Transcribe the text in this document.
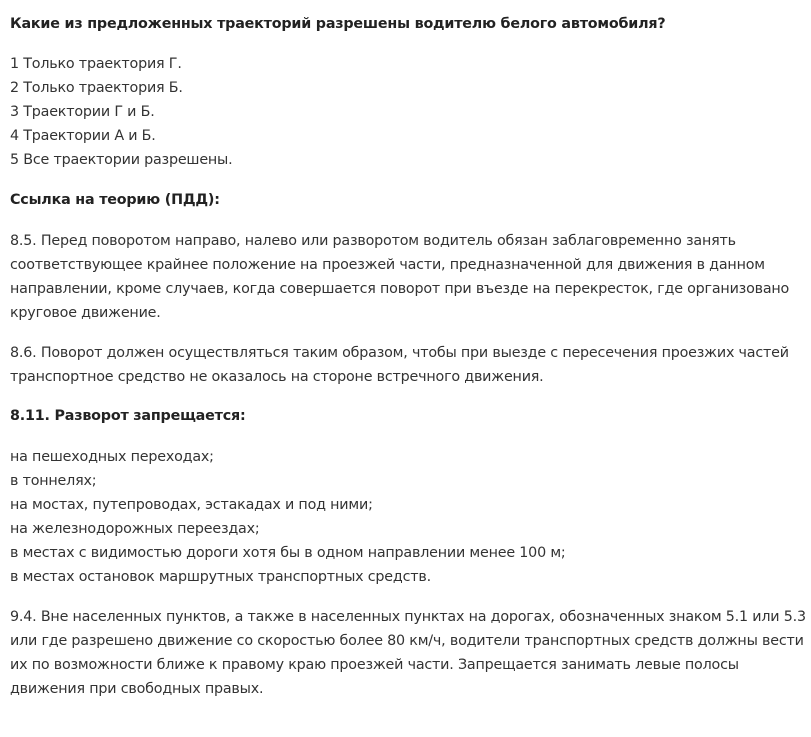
Какие из предложенных траекторий разрешены водителю белого автомобиля?
1 Только траектория Г.
2 Только траектория Б.
3 Траектории Г и Б.
4 Траектории А и Б.
5 Все траектории разрешены.
Ссылка на теорию (ПДД):
8.5. Перед поворотом направо, налево или разворотом водитель обязан заблаговременно занять
соответствующее крайнее положение на проезжей части, предназначенной для движения в данном
направлении, кроме случаев, когда совершается поворот при въезде на перекресток, где организовано
круговое движение.
8.6. Поворот должен осуществляться таким образом, чтобы при выезде с пересечения проезжих частей
транспортное средство не оказалось на стороне встречного движения.
8.11. Разворот запрещается:
на пешеходных переходах;
в тоннелях;
на мостах, путепроводах, эстакадах и под ними;
на железнодорожных переездах;
в местах с видимостью дороги хотя бы в одном направлении менее 100 м;
в местах остановок маршрутных транспортных средств.
9.4. Вне населенных пунктов, а также в населенных пунктах на дорогах, обозначенных знаком 5.1 или 5.3
или где разрешено движение со скоростью более 80 км/ч, водители транспортных средств должны вести
их по возможности ближе к правому краю проезжей части. Запрещается занимать левые полосы
движения при свободных правых.
